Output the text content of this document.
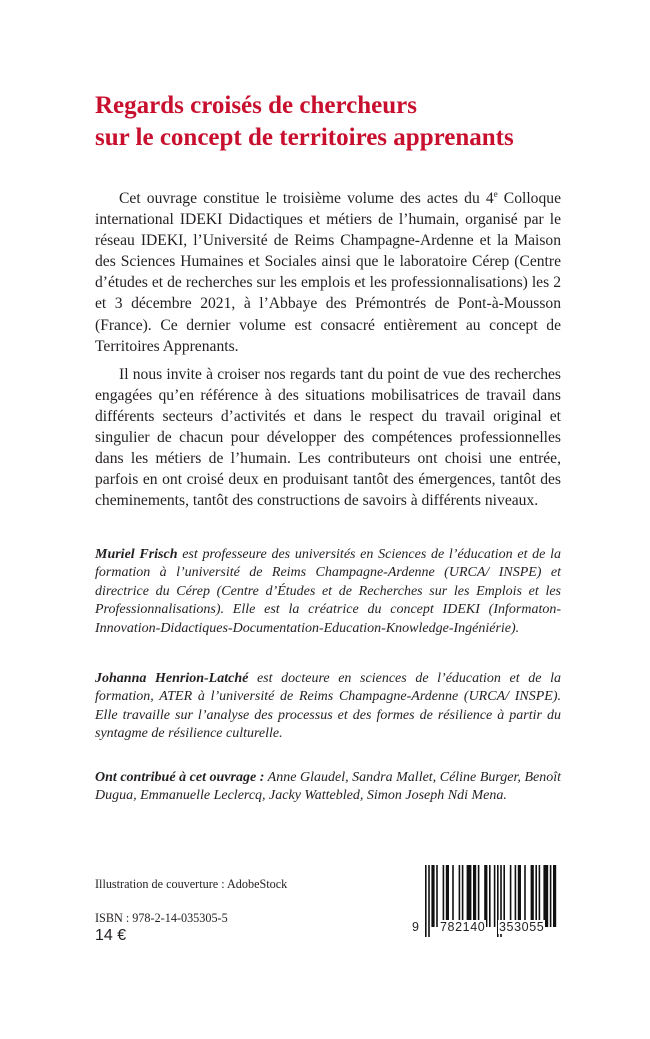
Regards croisés de chercheurs
sur le concept de territoires apprenants

Cet ouvrage constitue le troisième volume des actes du 4e Colloque international IDEKI Didactiques et métiers de l’humain, organisé par le réseau IDEKI, l’Université de Reims Champagne-Ardenne et la Maison des Sciences Humaines et Sociales ainsi que le laboratoire Cérep (Centre d’études et de recherches sur les emplois et les professionnalisations) les 2 et 3 décembre 2021, à l’Abbaye des Prémontrés de Pont-à-Mousson (France). Ce dernier volume est consacré entièrement au concept de Territoires Apprenants.

Il nous invite à croiser nos regards tant du point de vue des recherches engagées qu’en référence à des situations mobilisatrices de travail dans différents secteurs d’activités et dans le respect du travail original et singulier de chacun pour développer des compétences professionnelles dans les métiers de l’humain. Les contributeurs ont choisi une entrée, parfois en ont croisé deux en produisant tantôt des émergences, tantôt des cheminements, tantôt des constructions de savoirs à différents niveaux.

Muriel Frisch est professeure des universités en Sciences de l’éducation et de la formation à l’université de Reims Champagne-Ardenne (URCA/ INSPE) et directrice du Cérep (Centre d’Études et de Recherches sur les Emplois et les Professionnalisations). Elle est la créatrice du concept IDEKI (Informaton-Innovation-Didactiques-Documentation-Education-Knowledge-Ingéniérie).

Johanna Henrion-Latché est docteure en sciences de l’éducation et de la formation, ATER à l’université de Reims Champagne-Ardenne (URCA/ INSPE). Elle travaille sur l’analyse des processus et des formes de résilience à partir du syntagme de résilience culturelle.

Ont contribué à cet ouvrage : Anne Glaudel, Sandra Mallet, Céline Burger, Benoît Dugua, Emmanuelle Leclercq, Jacky Wattebled, Simon Joseph Ndi Mena.

Illustration de couverture : AdobeStock
ISBN : 978-2-14-035305-5
14 €	9 782140 353055
